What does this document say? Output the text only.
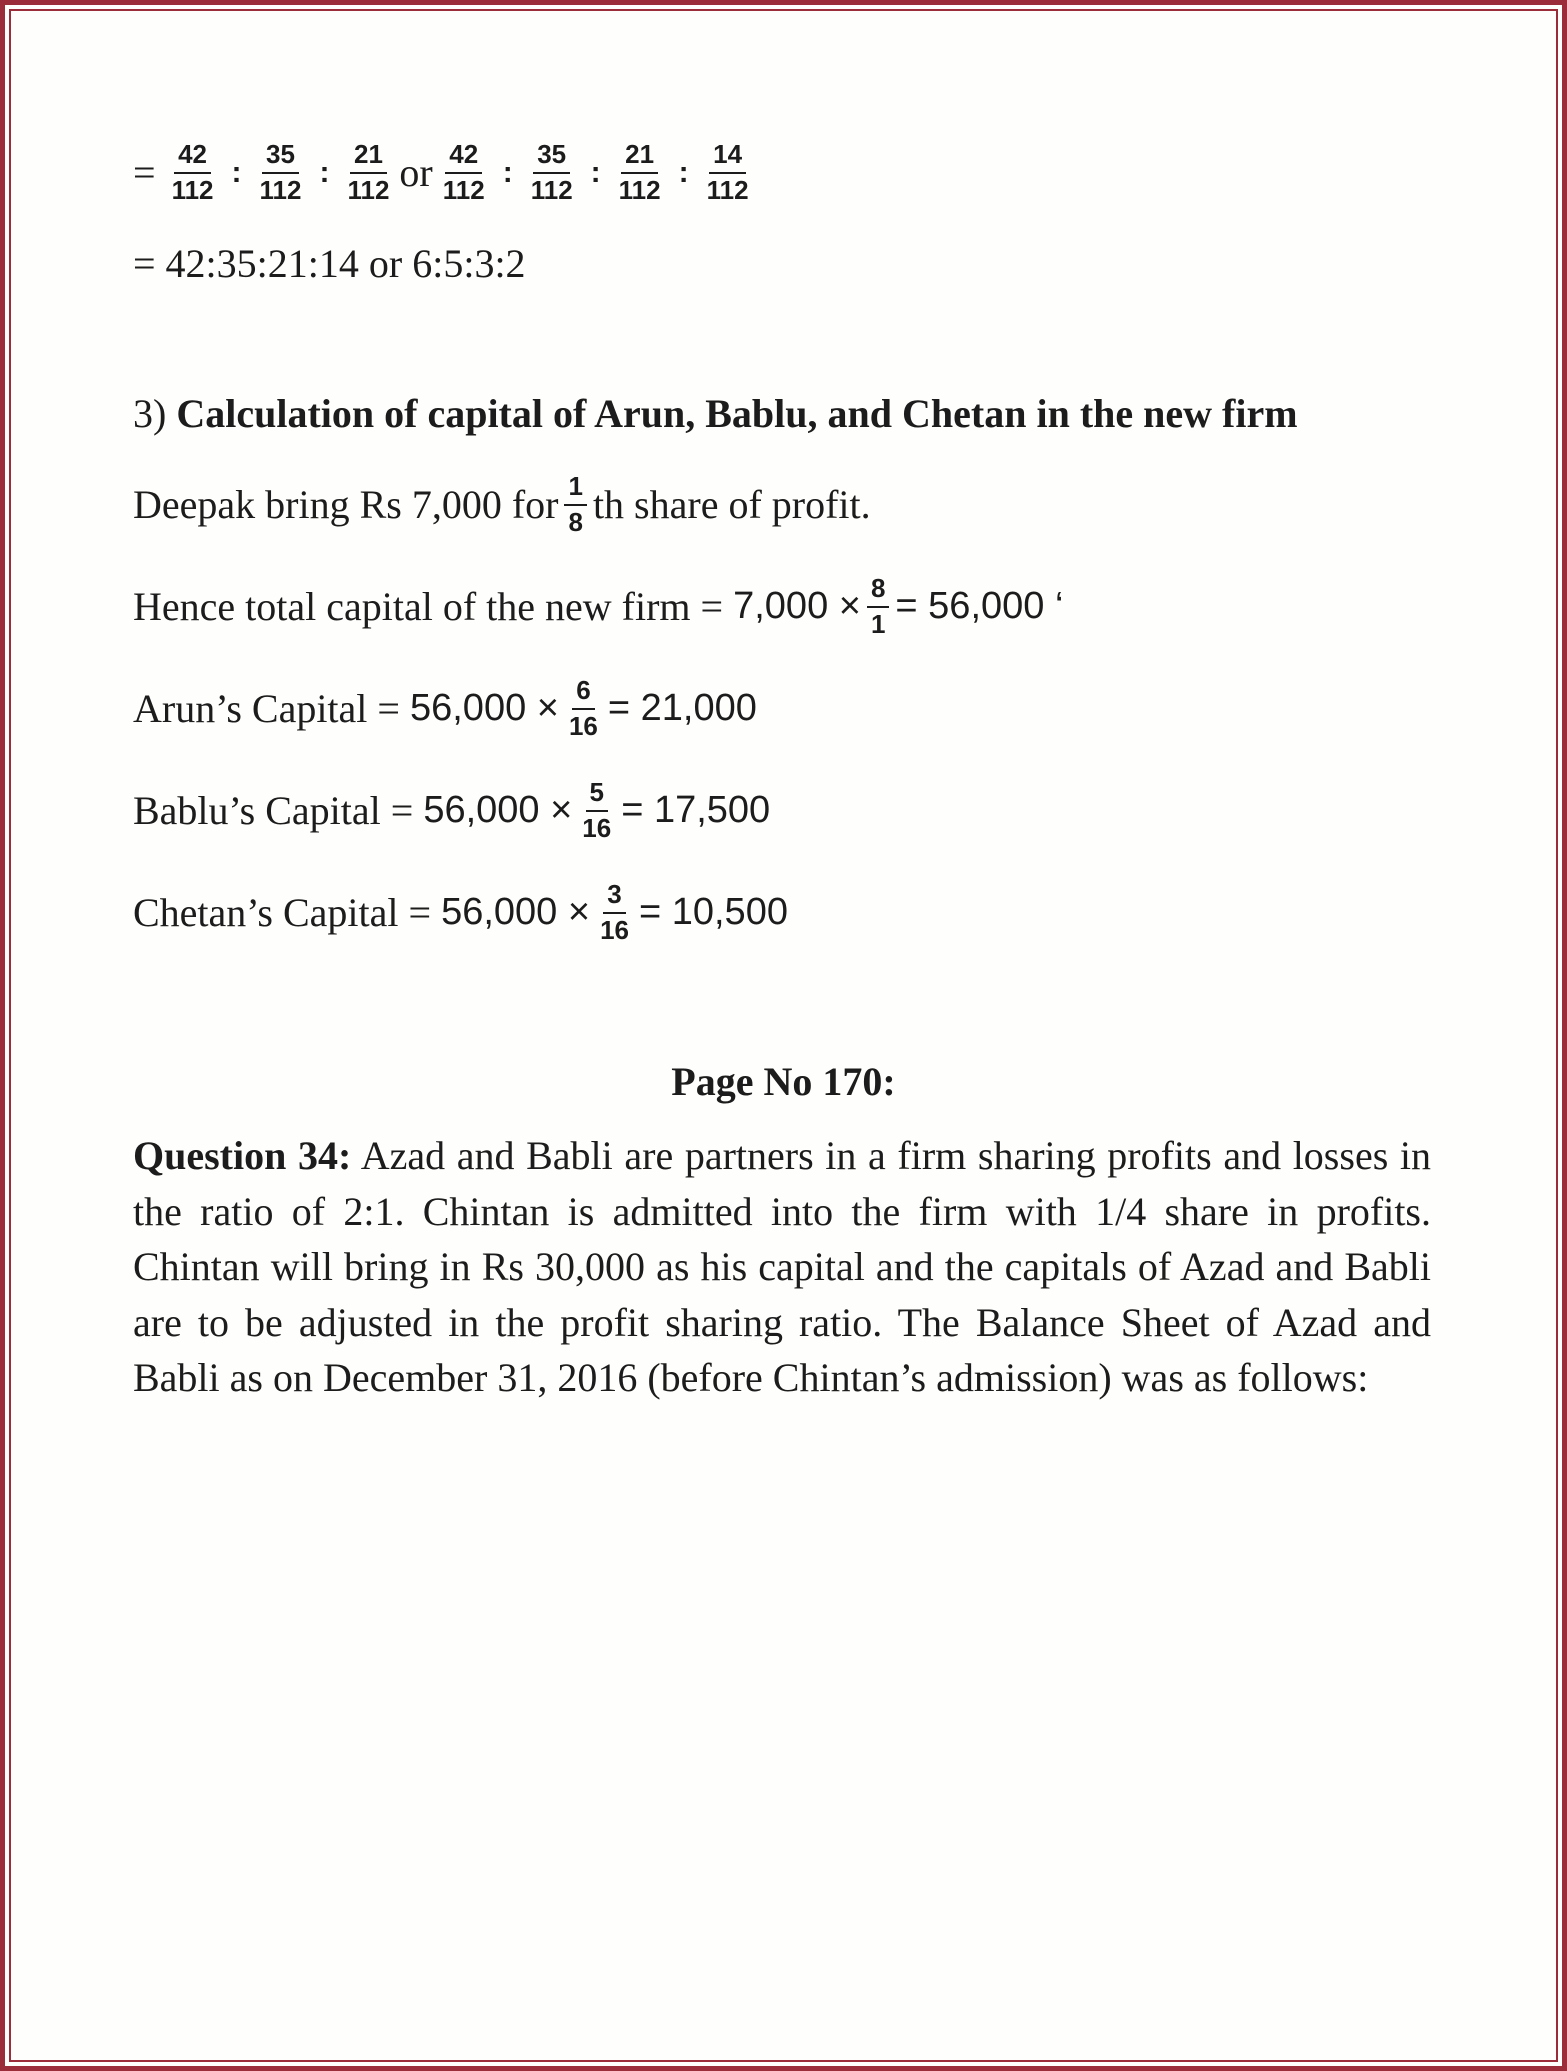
= $\frac{42}{112}$ : $\frac{35}{112}$ : $\frac{21}{112}$ or $\frac{42}{112}$ : $\frac{35}{112}$ : $\frac{21}{112}$ : $\frac{14}{112}$
= 42:35:21:14 or 6:5:3:2
3) Calculation of capital of Arun, Bablu, and Chetan in the new firm
Deepak bring Rs 7,000 for $\frac{1}{8}$ th share of profit.
Hence total capital of the new firm = $7,000 \times \frac{8}{1} = 56,000$ ‘
Arun’s Capital = $56,000 \times \frac{6}{16} = 21,000$
Bablu’s Capital = $56,000 \times \frac{5}{16} = 17,500$
Chetan’s Capital = $56,000 \times \frac{3}{16} = 10,500$
Page No 170:
Question 34: Azad and Babli are partners in a firm sharing profits and losses in the ratio of 2:1. Chintan is admitted into the firm with 1/4 share in profits. Chintan will bring in Rs 30,000 as his capital and the capitals of Azad and Babli are to be adjusted in the profit sharing ratio. The Balance Sheet of Azad and Babli as on December 31, 2016 (before Chintan’s admission) was as follows:
